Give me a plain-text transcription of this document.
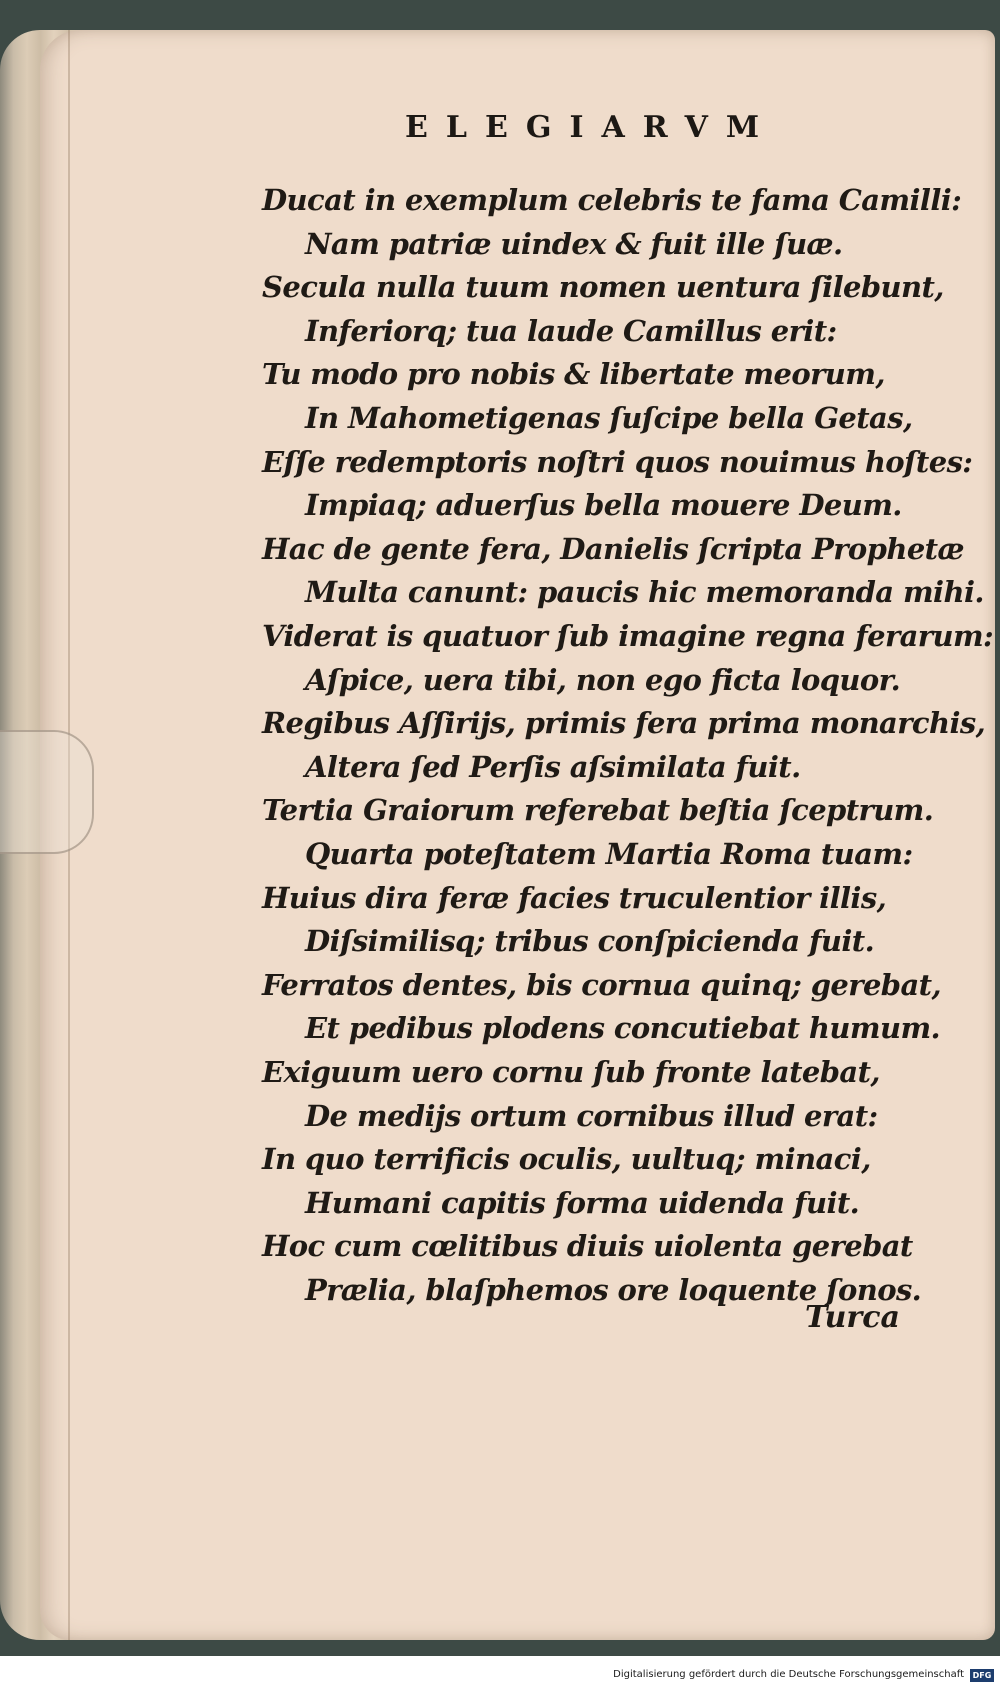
ELEGIARVM
Ducat in exemplum celebris te fama Camilli:
Nam patriæ uindex & fuit ille ſuæ.
Secula nulla tuum nomen uentura ſilebunt,
Inferiorq; tua laude Camillus erit:
Tu modo pro nobis & libertate meorum,
In Mahometigenas ſuſcipe bella Getas,
Eſſe redemptoris noſtri quos nouimus hoſtes:
Impiaq; aduerſus bella mouere Deum.
Hac de gente fera, Danielis ſcripta Prophetæ
Multa canunt: paucis hic memoranda mihi.
Viderat is quatuor ſub imagine regna ferarum:
Aſpice, uera tibi, non ego ficta loquor.
Regibus Aſſirijs, primis fera prima monarchis,
Altera ſed Perſis aſsimilata fuit.
Tertia Graiorum referebat beſtia ſceptrum.
Quarta poteſtatem Martia Roma tuam:
Huius dira feræ facies truculentior illis,
Diſsimilisq; tribus conſpicienda fuit.
Ferratos dentes, bis cornua quinq; gerebat,
Et pedibus plodens concutiebat humum.
Exiguum uero cornu ſub fronte latebat,
De medijs ortum cornibus illud erat:
In quo terrificis oculis, uultuq; minaci,
Humani capitis forma uidenda fuit.
Hoc cum cœlitibus diuis uiolenta gerebat
Prælia, blaſphemos ore loquente ſonos.
Turca
Digitalisierung gefördert durch die Deutsche Forschungsgemeinschaft	DFG
